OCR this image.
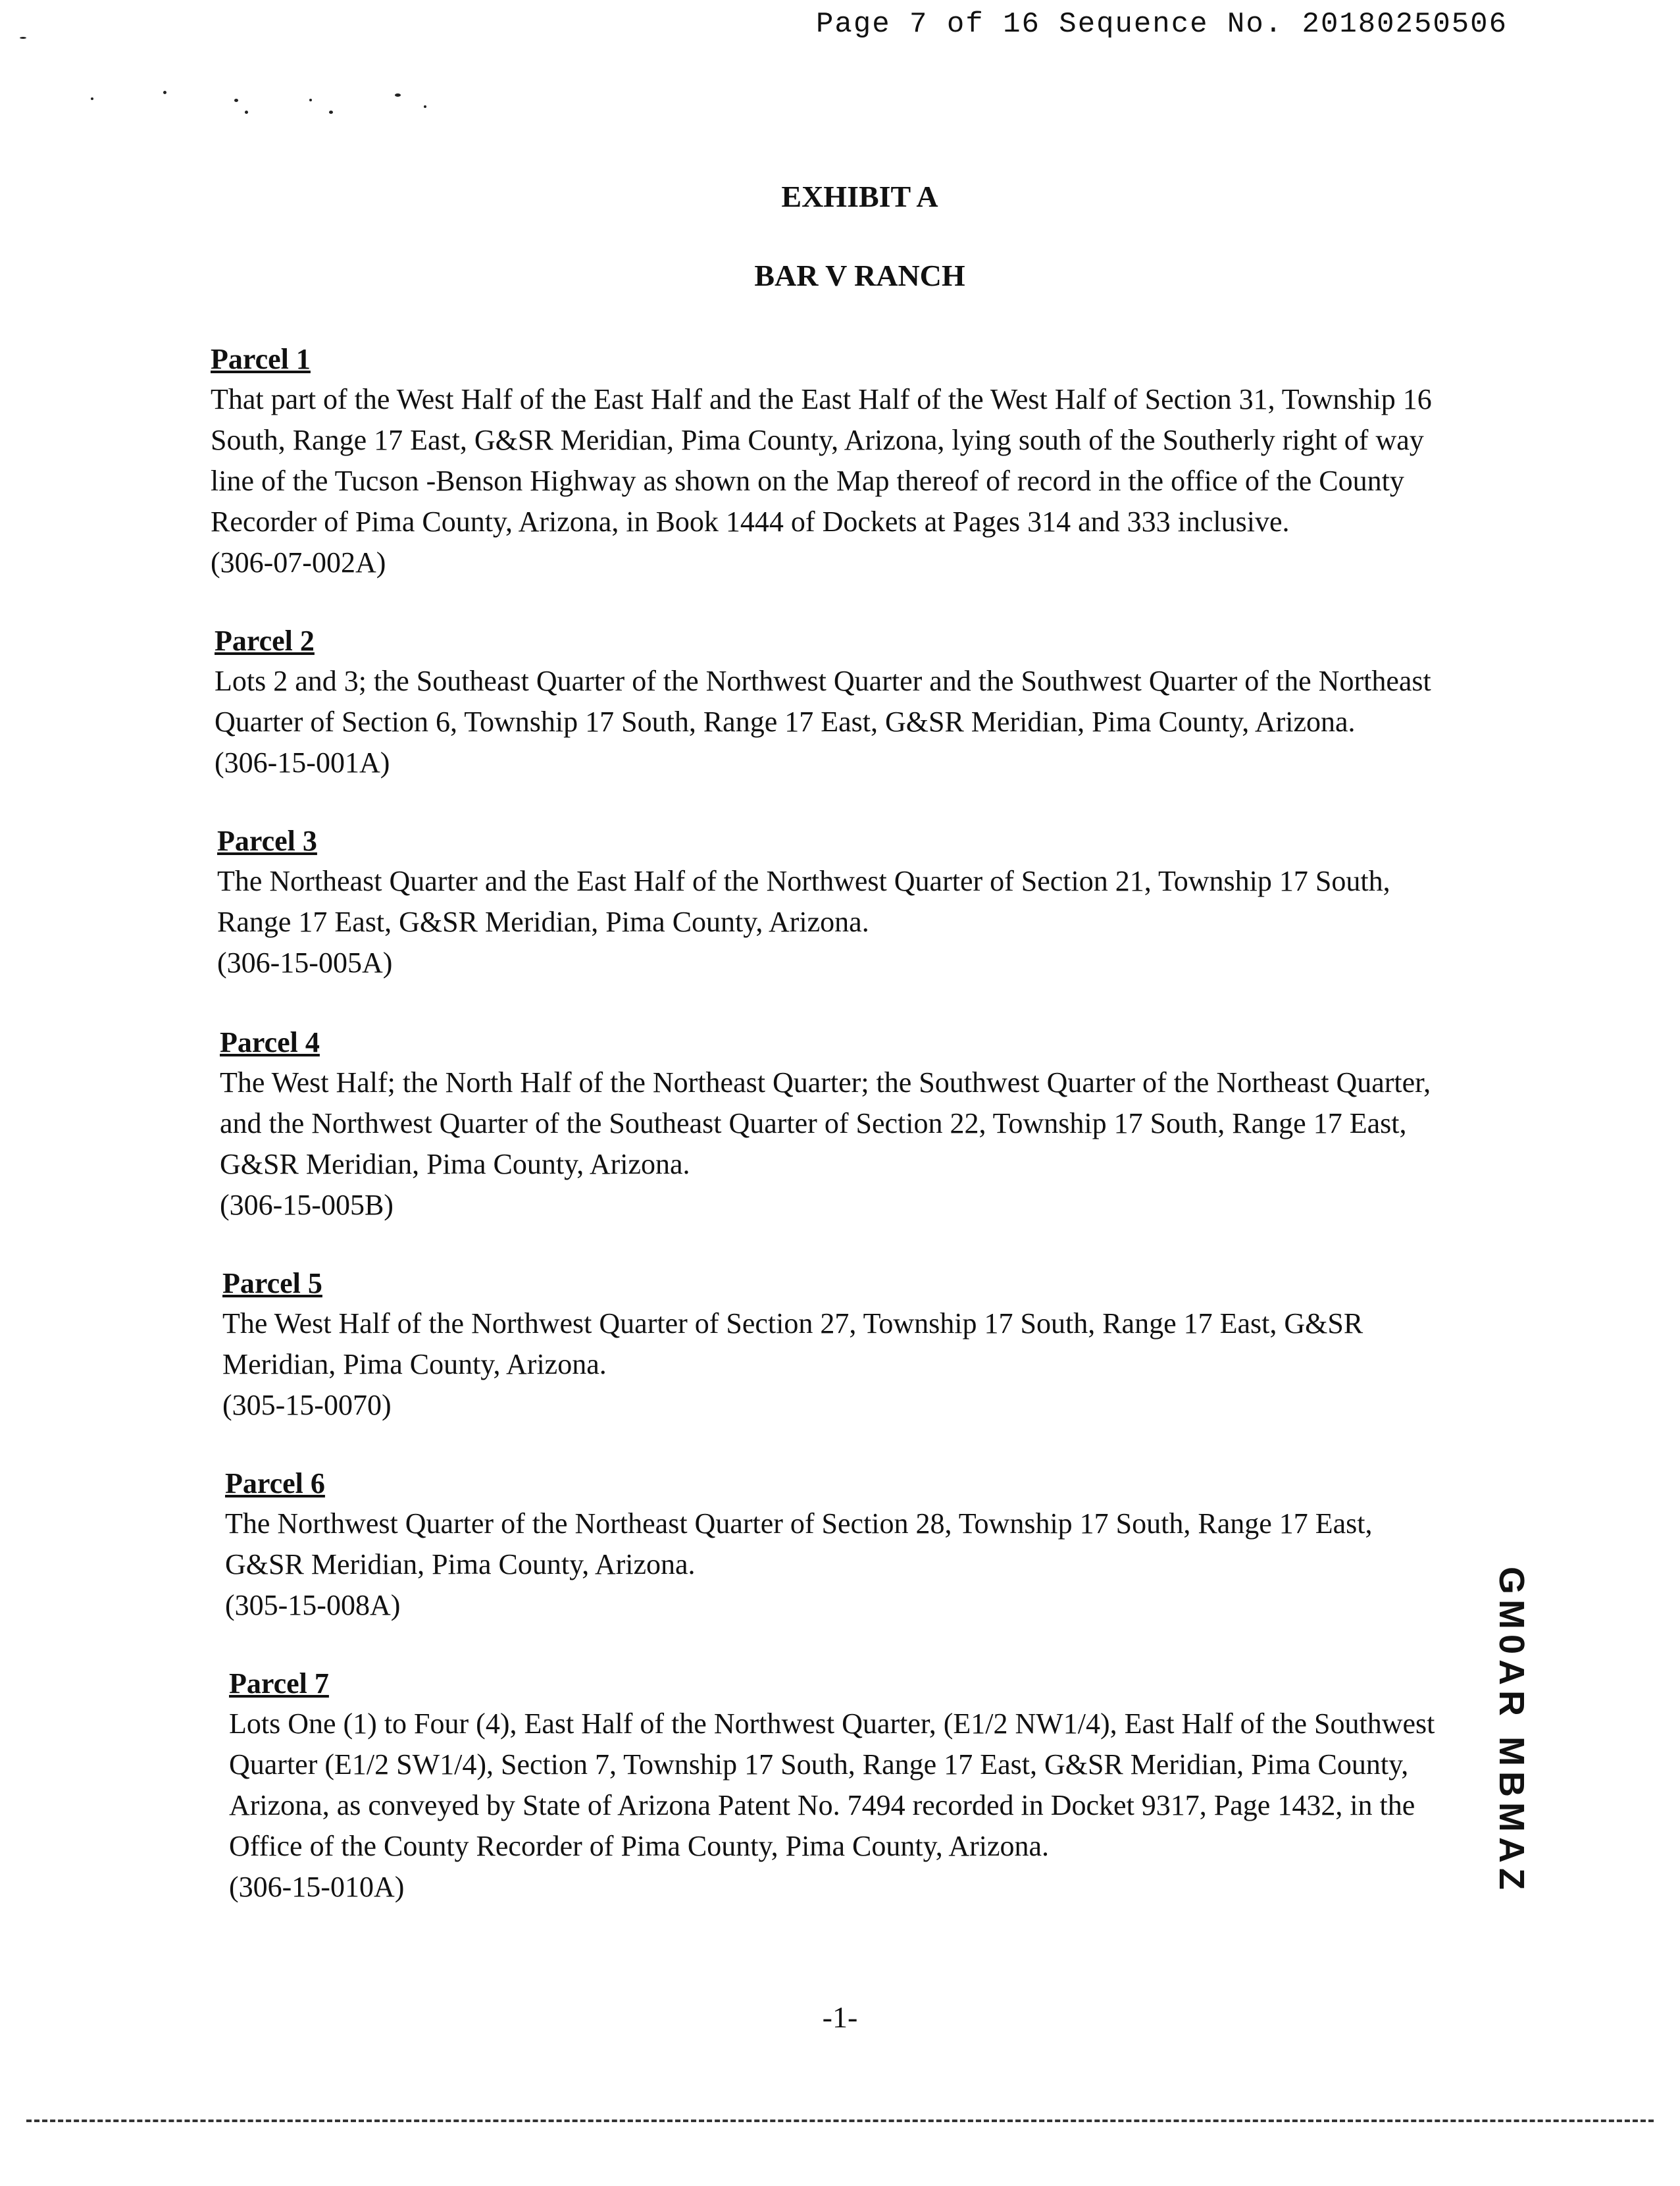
Page 7 of 16 Sequence No. 20180250506
EXHIBIT A
BAR V RANCH
Parcel 1

That part of the West Half of the East Half and the East Half of the West Half of Section 31, Township 16
South, Range 17 East, G&SR Meridian, Pima County, Arizona, lying south of the Southerly right of way
line of the Tucson -Benson Highway as shown on the Map thereof of record in the office of the County
Recorder of Pima County, Arizona, in Book 1444 of Dockets at Pages 314 and 333 inclusive.

(306-07-002A)

Parcel 2

Lots 2 and 3; the Southeast Quarter of the Northwest Quarter and the Southwest Quarter of the Northeast
Quarter of Section 6, Township 17 South, Range 17 East, G&SR Meridian, Pima County, Arizona.

(306-15-001A)

Parcel 3

The Northeast Quarter and the East Half of the Northwest Quarter of Section 21, Township 17 South,
Range 17 East, G&SR Meridian, Pima County, Arizona.

(306-15-005A)

Parcel 4

The West Half; the North Half of the Northeast Quarter; the Southwest Quarter of the Northeast Quarter,
and the Northwest Quarter of the Southeast Quarter of Section 22, Township 17 South, Range 17 East,
G&SR Meridian, Pima County, Arizona.

(306-15-005B)

Parcel 5

The West Half of the Northwest Quarter of Section 27, Township 17 South, Range 17 East, G&SR
Meridian, Pima County, Arizona.

(305-15-0070)

Parcel 6

The Northwest Quarter of the Northeast Quarter of Section 28, Township 17 South, Range 17 East,
G&SR Meridian, Pima County, Arizona.

(305-15-008A)

Parcel 7

Lots One (1) to Four (4), East Half of the Northwest Quarter, (E1/2 NW1/4), East Half of the Southwest
Quarter (E1/2 SW1/4), Section 7, Township 17 South, Range 17 East, G&SR Meridian, Pima County,
Arizona, as conveyed by State of Arizona Patent No. 7494 recorded in Docket 9317, Page 1432, in the
Office of the County Recorder of Pima County, Pima County, Arizona.

(306-15-010A)	GM0AR MBMAZ
-1-
